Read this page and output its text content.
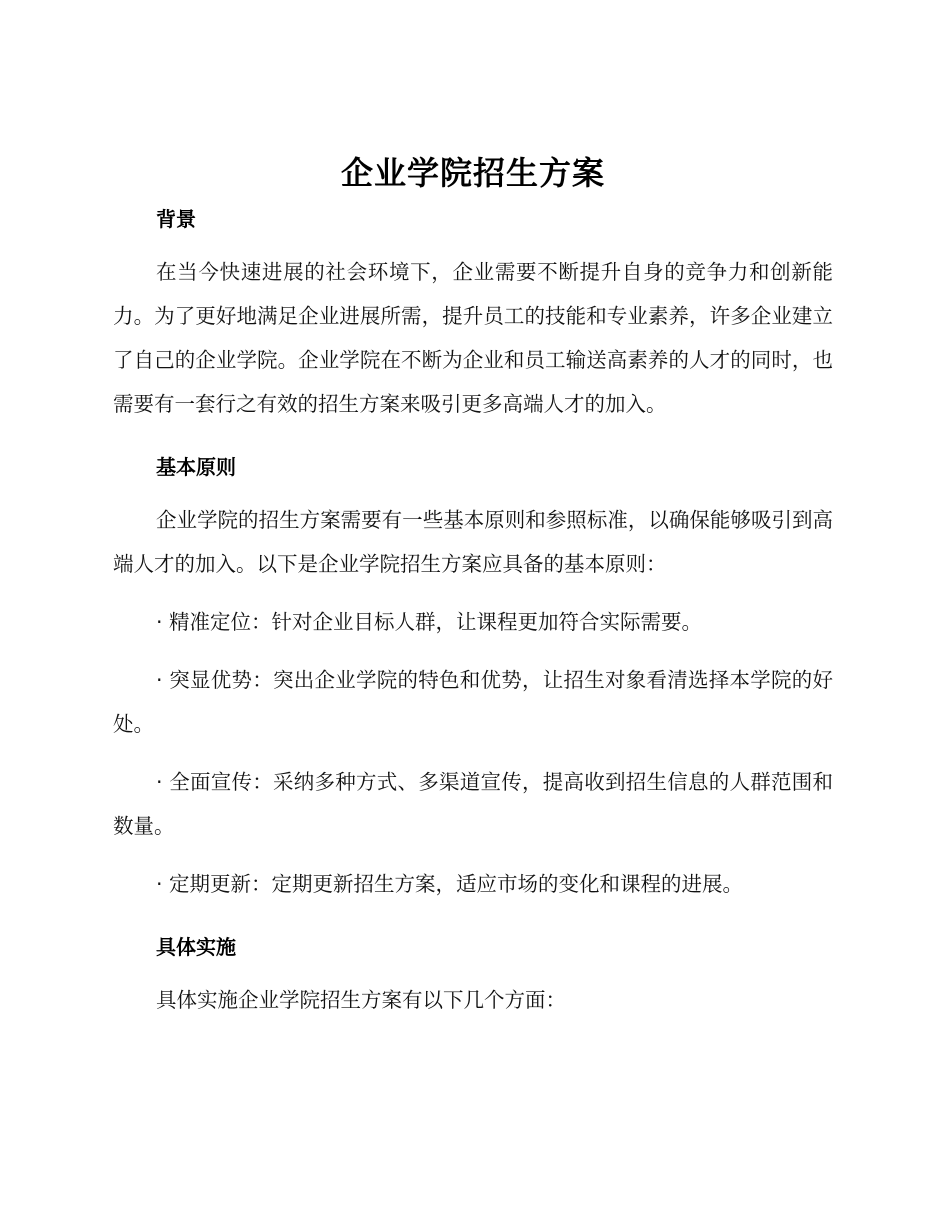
企业学院招生方案
背景

在当今快速进展的社会环境下，企业需要不断提升自身的竞争力和创新能力。为了更好地满足企业进展所需，提升员工的技能和专业素养，许多企业建立了自己的企业学院。企业学院在不断为企业和员工输送高素养的人才的同时，也需要有一套行之有效的招生方案来吸引更多高端人才的加入。

基本原则

企业学院的招生方案需要有一些基本原则和参照标准，以确保能够吸引到高端人才的加入。以下是企业学院招生方案应具备的基本原则：

· 精准定位：针对企业目标人群，让课程更加符合实际需要。

· 突显优势：突出企业学院的特色和优势，让招生对象看清选择本学院的好处。

· 全面宣传：采纳多种方式、多渠道宣传，提高收到招生信息的人群范围和数量。

· 定期更新：定期更新招生方案，适应市场的变化和课程的进展。

具体实施

具体实施企业学院招生方案有以下几个方面：
